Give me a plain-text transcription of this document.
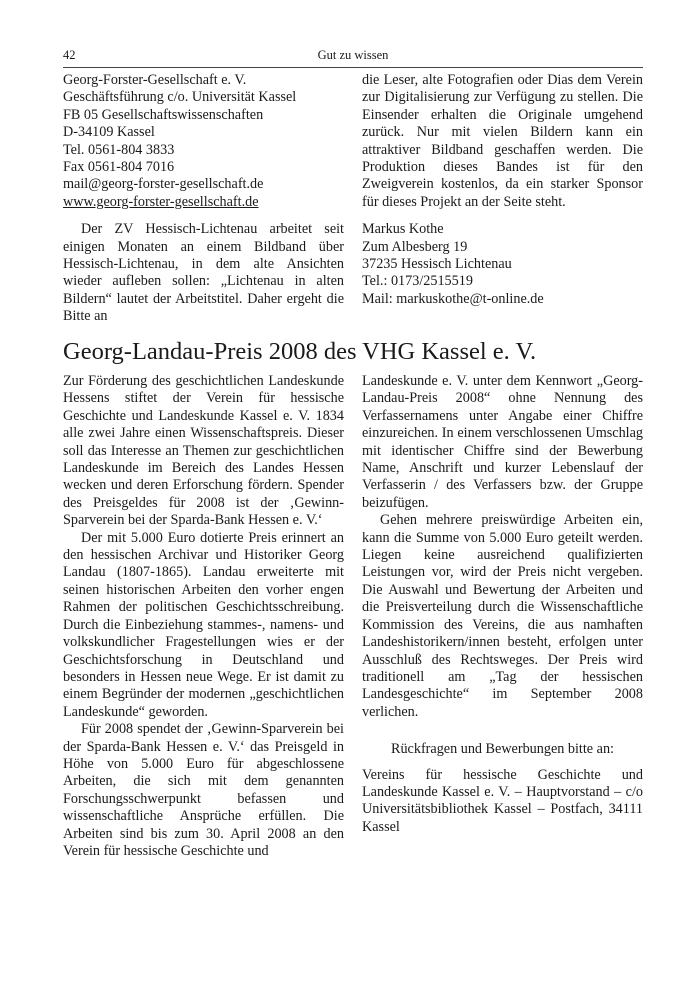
42	Gut zu wissen
Georg-Forster-Gesellschaft e. V.
Geschäftsführung c/o. Universität Kassel
FB 05 Gesellschaftswissenschaften
D-34109 Kassel
Tel. 0561-804 3833
Fax 0561-804 7016
mail@georg-forster-gesellschaft.de
www.georg-forster-gesellschaft.de

Der ZV Hessisch-Lichtenau arbeitet seit einigen Monaten an einem Bildband über Hessisch-Lichtenau, in dem alte Ansichten wieder aufleben sollen: „Lichtenau in alten Bildern“ lautet der Arbeitstitel. Daher ergeht die Bitte an

die Leser, alte Fotografien oder Dias dem Verein zur Digitalisierung zur Verfügung zu stellen. Die Einsender erhalten die Originale umgehend zurück. Nur mit vielen Bildern kann ein attraktiver Bildband geschaffen werden. Die Produktion dieses Bandes ist für den Zweigverein kostenlos, da ein starker Sponsor für dieses Projekt an der Seite steht.

Markus Kothe
Zum Albesberg 19
37235 Hessisch Lichtenau
Tel.: 0173/2515519
Mail: markuskothe@t-online.de
Georg-Landau-Preis 2008 des VHG Kassel e. V.

Zur Förderung des geschichtlichen Landeskunde Hessens stiftet der Verein für hessische Geschichte und Landeskunde Kassel e. V. 1834 alle zwei Jahre einen Wissenschaftspreis. Dieser soll das Interesse an Themen zur geschichtlichen Landeskunde im Bereich des Landes Hessen wecken und deren Erforschung fördern. Spender des Preisgeldes für 2008 ist der ‚Gewinn-Sparverein bei der Sparda-Bank Hessen e. V.‘

Der mit 5.000 Euro dotierte Preis erinnert an den hessischen Archivar und Historiker Georg Landau (1807-1865). Landau erweiterte mit seinen historischen Arbeiten den vorher engen Rahmen der politischen Geschichtsschreibung. Durch die Einbeziehung stammes-, namens- und volkskundlicher Fragestellungen wies er der Geschichtsforschung in Deutschland und besonders in Hessen neue Wege. Er ist damit zu einem Begründer der modernen „geschichtlichen Landeskunde“ geworden.

Für 2008 spendet der ‚Gewinn-Sparverein bei der Sparda-Bank Hessen e. V.‘ das Preisgeld in Höhe von 5.000 Euro für abgeschlossene Arbeiten, die sich mit dem genannten Forschungsschwerpunkt befassen und wissenschaftliche Ansprüche erfüllen. Die Arbeiten sind bis zum 30. April 2008 an den Verein für hessische Geschichte und

Landeskunde e. V. unter dem Kennwort „Georg-Landau-Preis 2008“ ohne Nennung des Verfassernamens unter Angabe einer Chiffre einzureichen. In einem verschlossenen Umschlag mit identischer Chiffre sind der Bewerbung Name, Anschrift und kurzer Lebenslauf der Verfasserin / des Verfassers bzw. der Gruppe beizufügen.

Gehen mehrere preiswürdige Arbeiten ein, kann die Summe von 5.000 Euro geteilt werden. Liegen keine ausreichend qualifizierten Leistungen vor, wird der Preis nicht vergeben. Die Auswahl und Bewertung der Arbeiten und die Preisverteilung durch die Wissenschaftliche Kommission des Vereins, die aus namhaften Landeshistorikern/innen besteht, erfolgen unter Ausschluß des Rechtsweges. Der Preis wird traditionell am „Tag der hessischen Landesgeschichte“ im September 2008 verlichen.

Rückfragen und Bewerbungen bitte an:

Vereins für hessische Geschichte und Landeskunde Kassel e. V. – Hauptvorstand – c/o Universitätsbibliothek Kassel – Postfach, 34111 Kassel
